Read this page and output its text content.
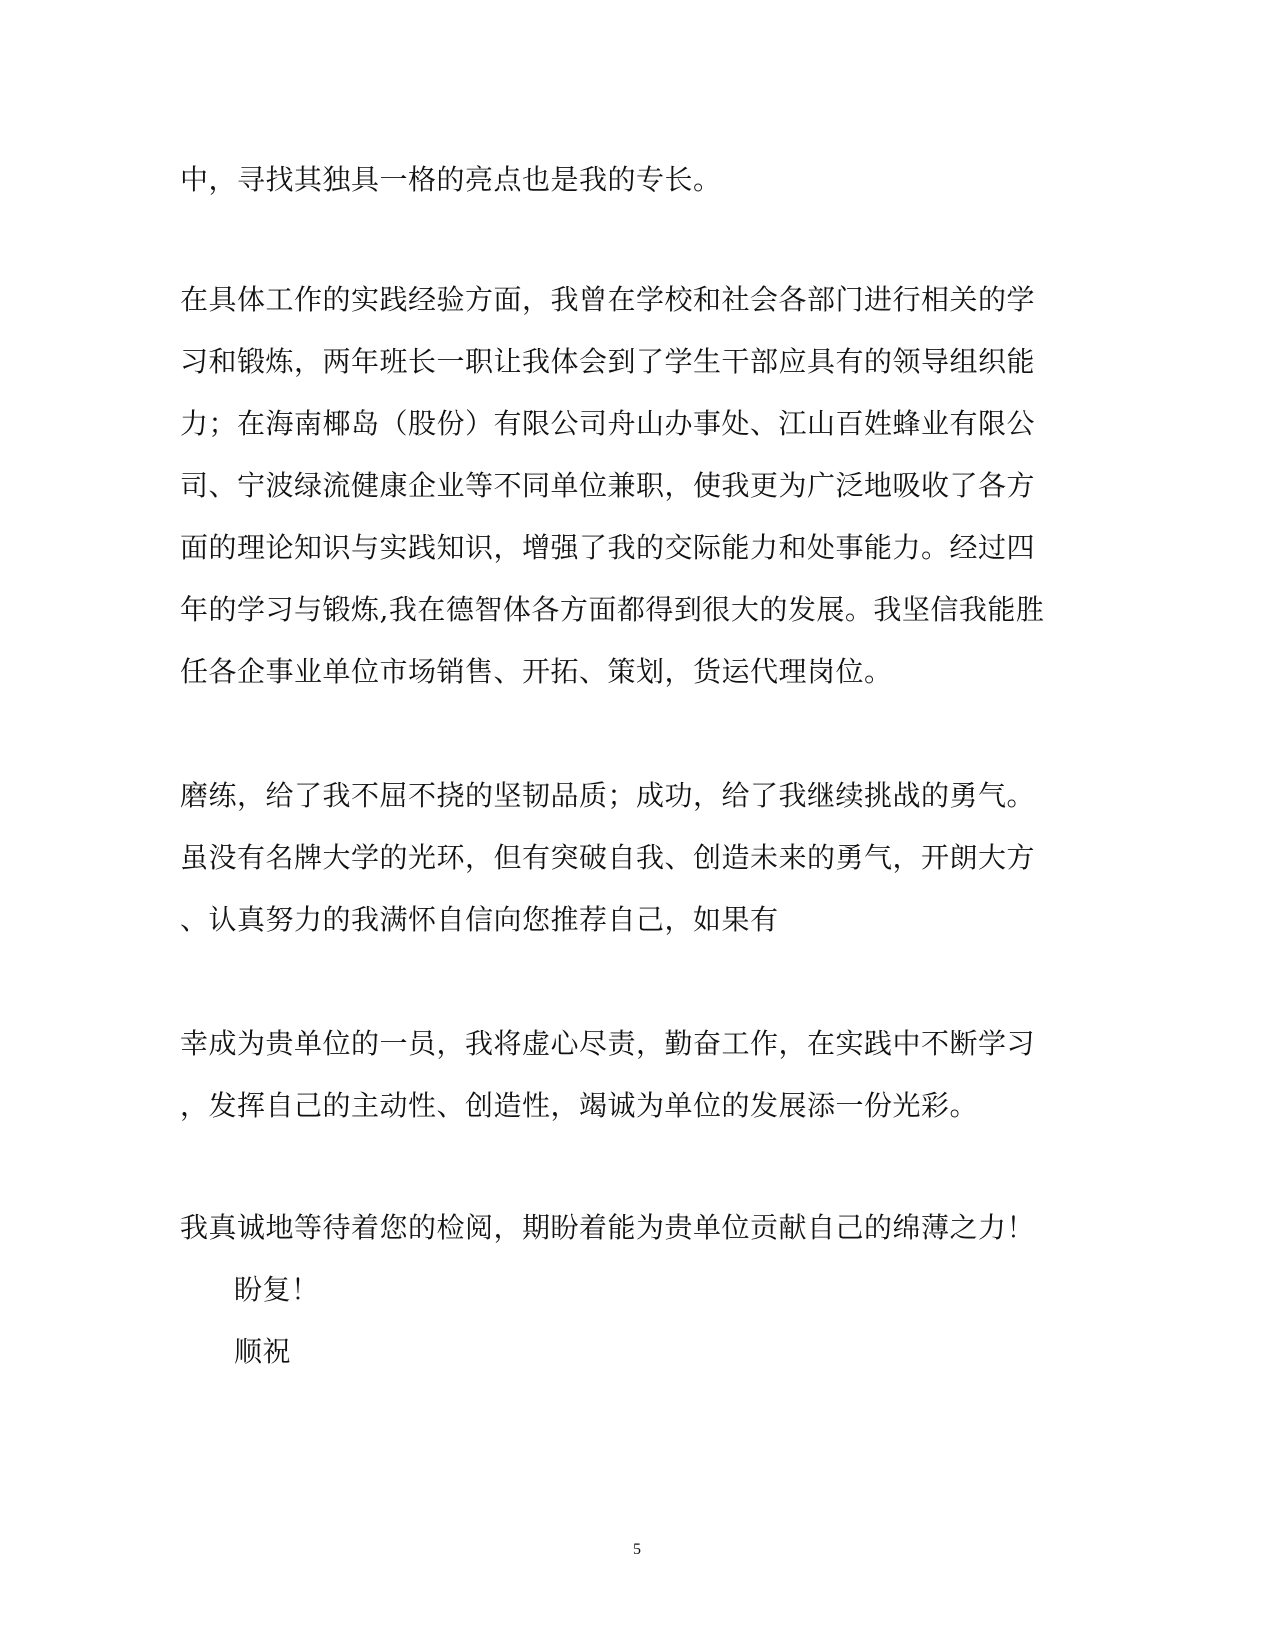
中，寻找其独具一格的亮点也是我的专长。
在具体工作的实践经验方面，我曾在学校和社会各部门进行相关的学
习和锻炼，两年班长一职让我体会到了学生干部应具有的领导组织能
力；在海南椰岛（股份）有限公司舟山办事处、江山百姓蜂业有限公
司、宁波绿流健康企业等不同单位兼职，使我更为广泛地吸收了各方
面的理论知识与实践知识，增强了我的交际能力和处事能力。经过四
年的学习与锻炼,我在德智体各方面都得到很大的发展。我坚信我能胜
任各企事业单位市场销售、开拓、策划，货运代理岗位。
磨练，给了我不屈不挠的坚韧品质；成功，给了我继续挑战的勇气。
虽没有名牌大学的光环，但有突破自我、创造未来的勇气，开朗大方
、认真努力的我满怀自信向您推荐自己，如果有
幸成为贵单位的一员，我将虚心尽责，勤奋工作，在实践中不断学习
，发挥自己的主动性、创造性，竭诚为单位的发展添一份光彩。
我真诚地等待着您的检阅，期盼着能为贵单位贡献自己的绵薄之力！
盼复！
顺祝
5
